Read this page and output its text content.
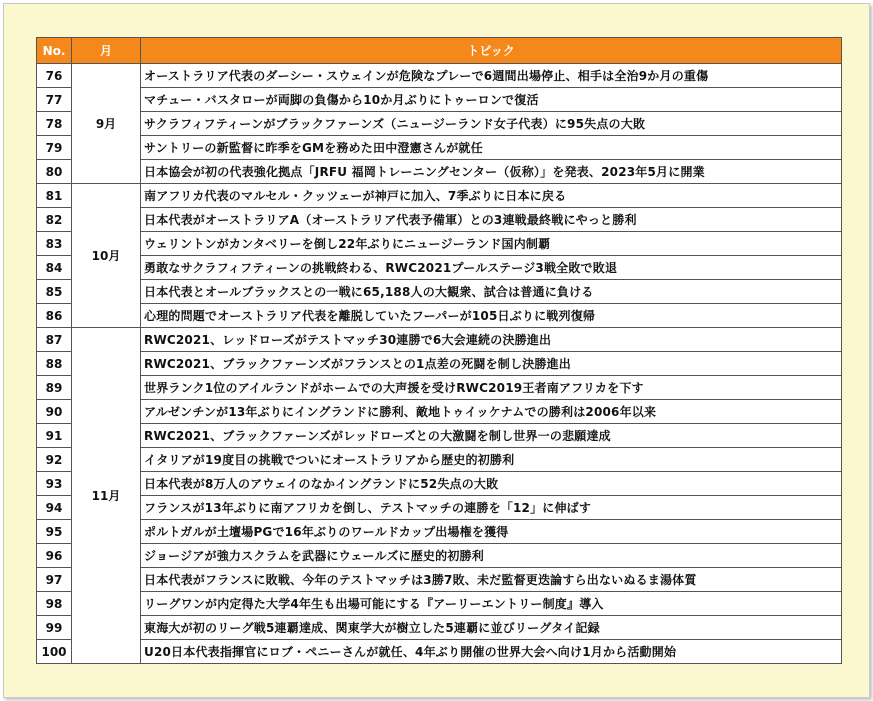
No.	月	トピック
76	9月	オーストラリア代表のダーシー・スウェインが危険なプレーで6週間出場停止、相手は全治9か月の重傷
77		マチュー・バスタローが両脚の負傷から10か月ぶりにトゥーロンで復活
78		サクラフィフティーンがブラックファーンズ（ニュージーランド女子代表）に95失点の大敗
79		サントリーの新監督に昨季をGMを務めた田中澄憲さんが就任
80		日本協会が初の代表強化拠点「JRFU 福岡トレーニングセンター（仮称）」を発表、2023年5月に開業
81	10月	南アフリカ代表のマルセル・クッツェーが神戸に加入、7季ぶりに日本に戻る
82		日本代表がオーストラリアA（オーストラリア代表予備軍）との3連戦最終戦にやっと勝利
83		ウェリントンがカンタベリーを倒し22年ぶりにニュージーランド国内制覇
84		勇敢なサクラフィフティーンの挑戦終わる、RWC2021プールステージ3戦全敗で敗退
85		日本代表とオールブラックスとの一戦に65,188人の大観衆、試合は普通に負ける
86		心理的問題でオーストラリア代表を離脱していたフーパーが105日ぶりに戦列復帰
87	11月	RWC2021、レッドローズがテストマッチ30連勝で6大会連続の決勝進出
88		RWC2021、ブラックファーンズがフランスとの1点差の死闘を制し決勝進出
89		世界ランク1位のアイルランドがホームでの大声援を受けRWC2019王者南アフリカを下す
90		アルゼンチンが13年ぶりにイングランドに勝利、敵地トゥイッケナムでの勝利は2006年以来
91		RWC2021、ブラックファーンズがレッドローズとの大激闘を制し世界一の悲願達成
92		イタリアが19度目の挑戦でついにオーストラリアから歴史的初勝利
93		日本代表が8万人のアウェイのなかイングランドに52失点の大敗
94		フランスが13年ぶりに南アフリカを倒し、テストマッチの連勝を「12」に伸ばす
95		ポルトガルが土壇場PGで16年ぶりのワールドカップ出場権を獲得
96		ジョージアが強力スクラムを武器にウェールズに歴史的初勝利
97		日本代表がフランスに敗戦、今年のテストマッチは3勝7敗、未だ監督更迭論すら出ないぬるま湯体質
98		リーグワンが内定得た大学4年生も出場可能にする『アーリーエントリー制度』導入
99		東海大が初のリーグ戦5連覇達成、関東学大が樹立した5連覇に並びリーグタイ記録
100		U20日本代表指揮官にロブ・ペニーさんが就任、4年ぶり開催の世界大会へ向け1月から活動開始
